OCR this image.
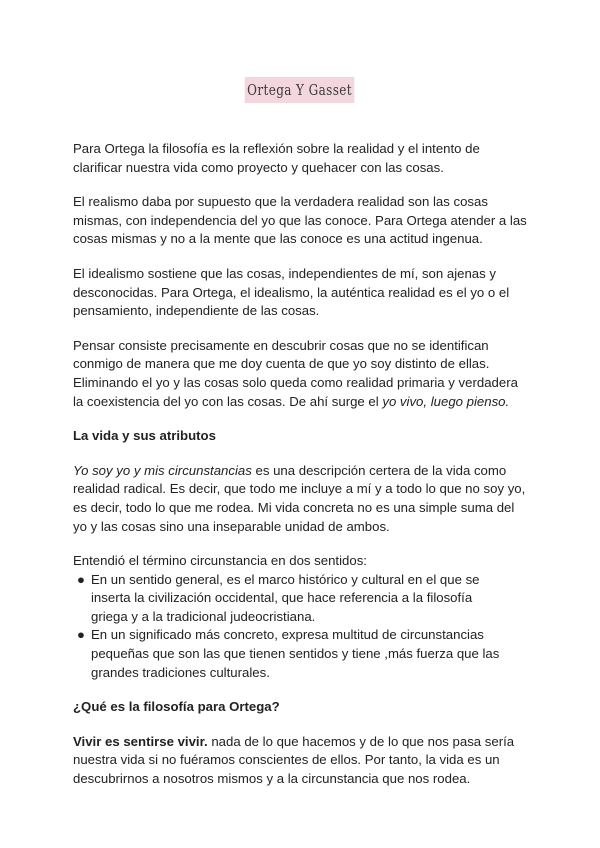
Ortega Y Gasset

Para Ortega la filosofía es la reflexión sobre la realidad y el intento de
clarificar nuestra vida como proyecto y quehacer con las cosas.

El realismo daba por supuesto que la verdadera realidad son las cosas
mismas, con independencia del yo que las conoce. Para Ortega atender a las
cosas mismas y no a la mente que las conoce es una actitud ingenua.

El idealismo sostiene que las cosas, independientes de mí, son ajenas y
desconocidas. Para Ortega, el idealismo, la auténtica realidad es el yo o el
pensamiento, independiente de las cosas.

Pensar consiste precisamente en descubrir cosas que no se identifican
conmigo de manera que me doy cuenta de que yo soy distinto de ellas.
Eliminando el yo y las cosas solo queda como realidad primaria y verdadera
la coexistencia del yo con las cosas. De ahí surge el yo vivo, luego pienso.

La vida y sus atributos

Yo soy yo y mis circunstancias es una descripción certera de la vida como
realidad radical. Es decir, que todo me incluye a mí y a todo lo que no soy yo,
es decir, todo lo que me rodea. Mi vida concreta no es una simple suma del
yo y las cosas sino una inseparable unidad de ambos.

Entendió el término circunstancia en dos sentidos:

● En un sentido general, es el marco histórico y cultural en el que se
inserta la civilización occidental, que hace referencia a la filosofía
griega y a la tradicional judeocristiana.
● En un significado más concreto, expresa multitud de circunstancias
pequeñas que son las que tienen sentidos y tiene ,más fuerza que las
grandes tradiciones culturales.

¿Qué es la filosofía para Ortega?

Vivir es sentirse vivir. nada de lo que hacemos y de lo que nos pasa sería
nuestra vida si no fuéramos conscientes de ellos. Por tanto, la vida es un
descubrirnos a nosotros mismos y a la circunstancia que nos rodea.
